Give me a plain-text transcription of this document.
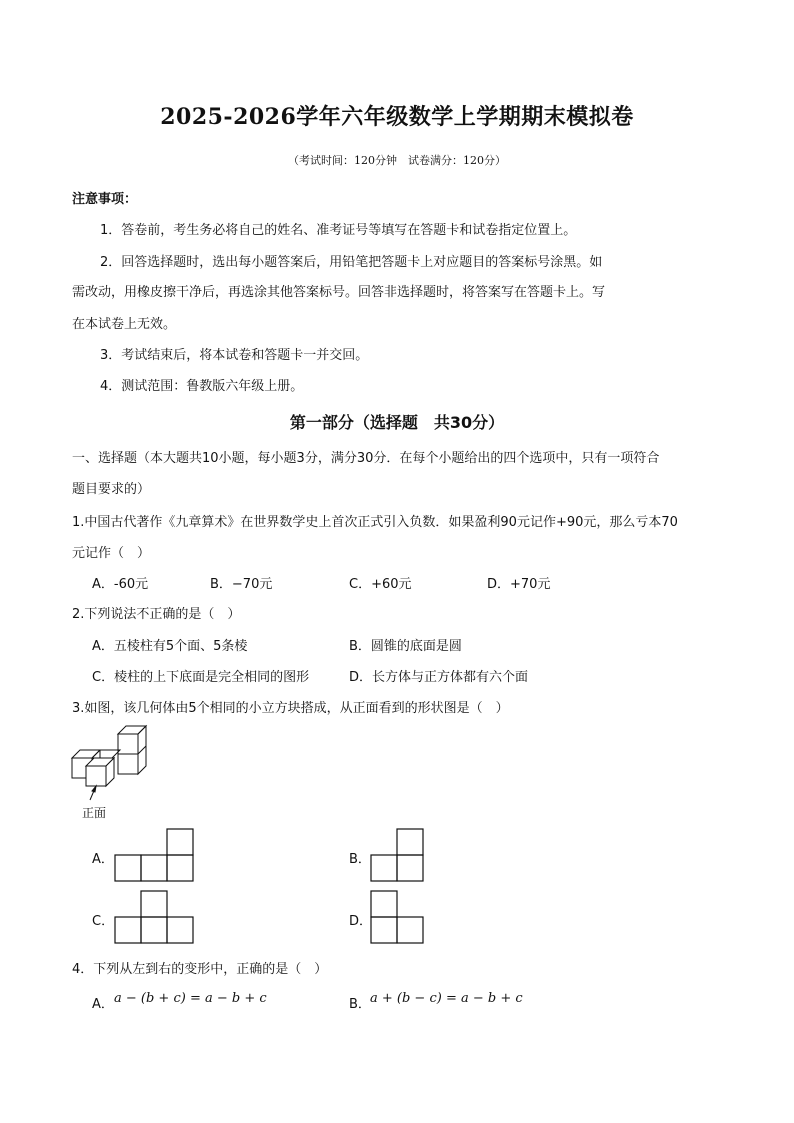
2025-2026学年六年级数学上学期期末模拟卷
（考试时间：120分钟　试卷满分：120分）
注意事项：
1．答卷前，考生务必将自己的姓名、准考证号等填写在答题卡和试卷指定位置上。
2．回答选择题时，选出每小题答案后，用铅笔把答题卡上对应题目的答案标号涂黑。如
需改动，用橡皮擦干净后，再选涂其他答案标号。回答非选择题时，将答案写在答题卡上。写
在本试卷上无效。
3．考试结束后，将本试卷和答题卡一并交回。
4．测试范围：鲁教版六年级上册。
第一部分（选择题　共30分）
一、选择题（本大题共10小题，每小题3分，满分30分．在每个小题给出的四个选项中，只有一项符合
题目要求的）
1.中国古代著作《九章算术》在世界数学史上首次正式引入负数．如果盈利90元记作+90元，那么亏本70
元记作（　）
A．-60元	B．−70元	C．+60元	D．+70元
2.下列说法不正确的是（　）
A．五棱柱有5个面、5条棱	B．圆锥的底面是圆
C．棱柱的上下底面是完全相同的图形	D．长方体与正方体都有六个面
3.如图，该几何体由5个相同的小立方块搭成，从正面看到的形状图是（　）
正面
A．	B．
C．	D．
4．下列从左到右的变形中，正确的是（　）
A． a − (b + c) = a − b + c	B． a + (b − c) = a − b + c
